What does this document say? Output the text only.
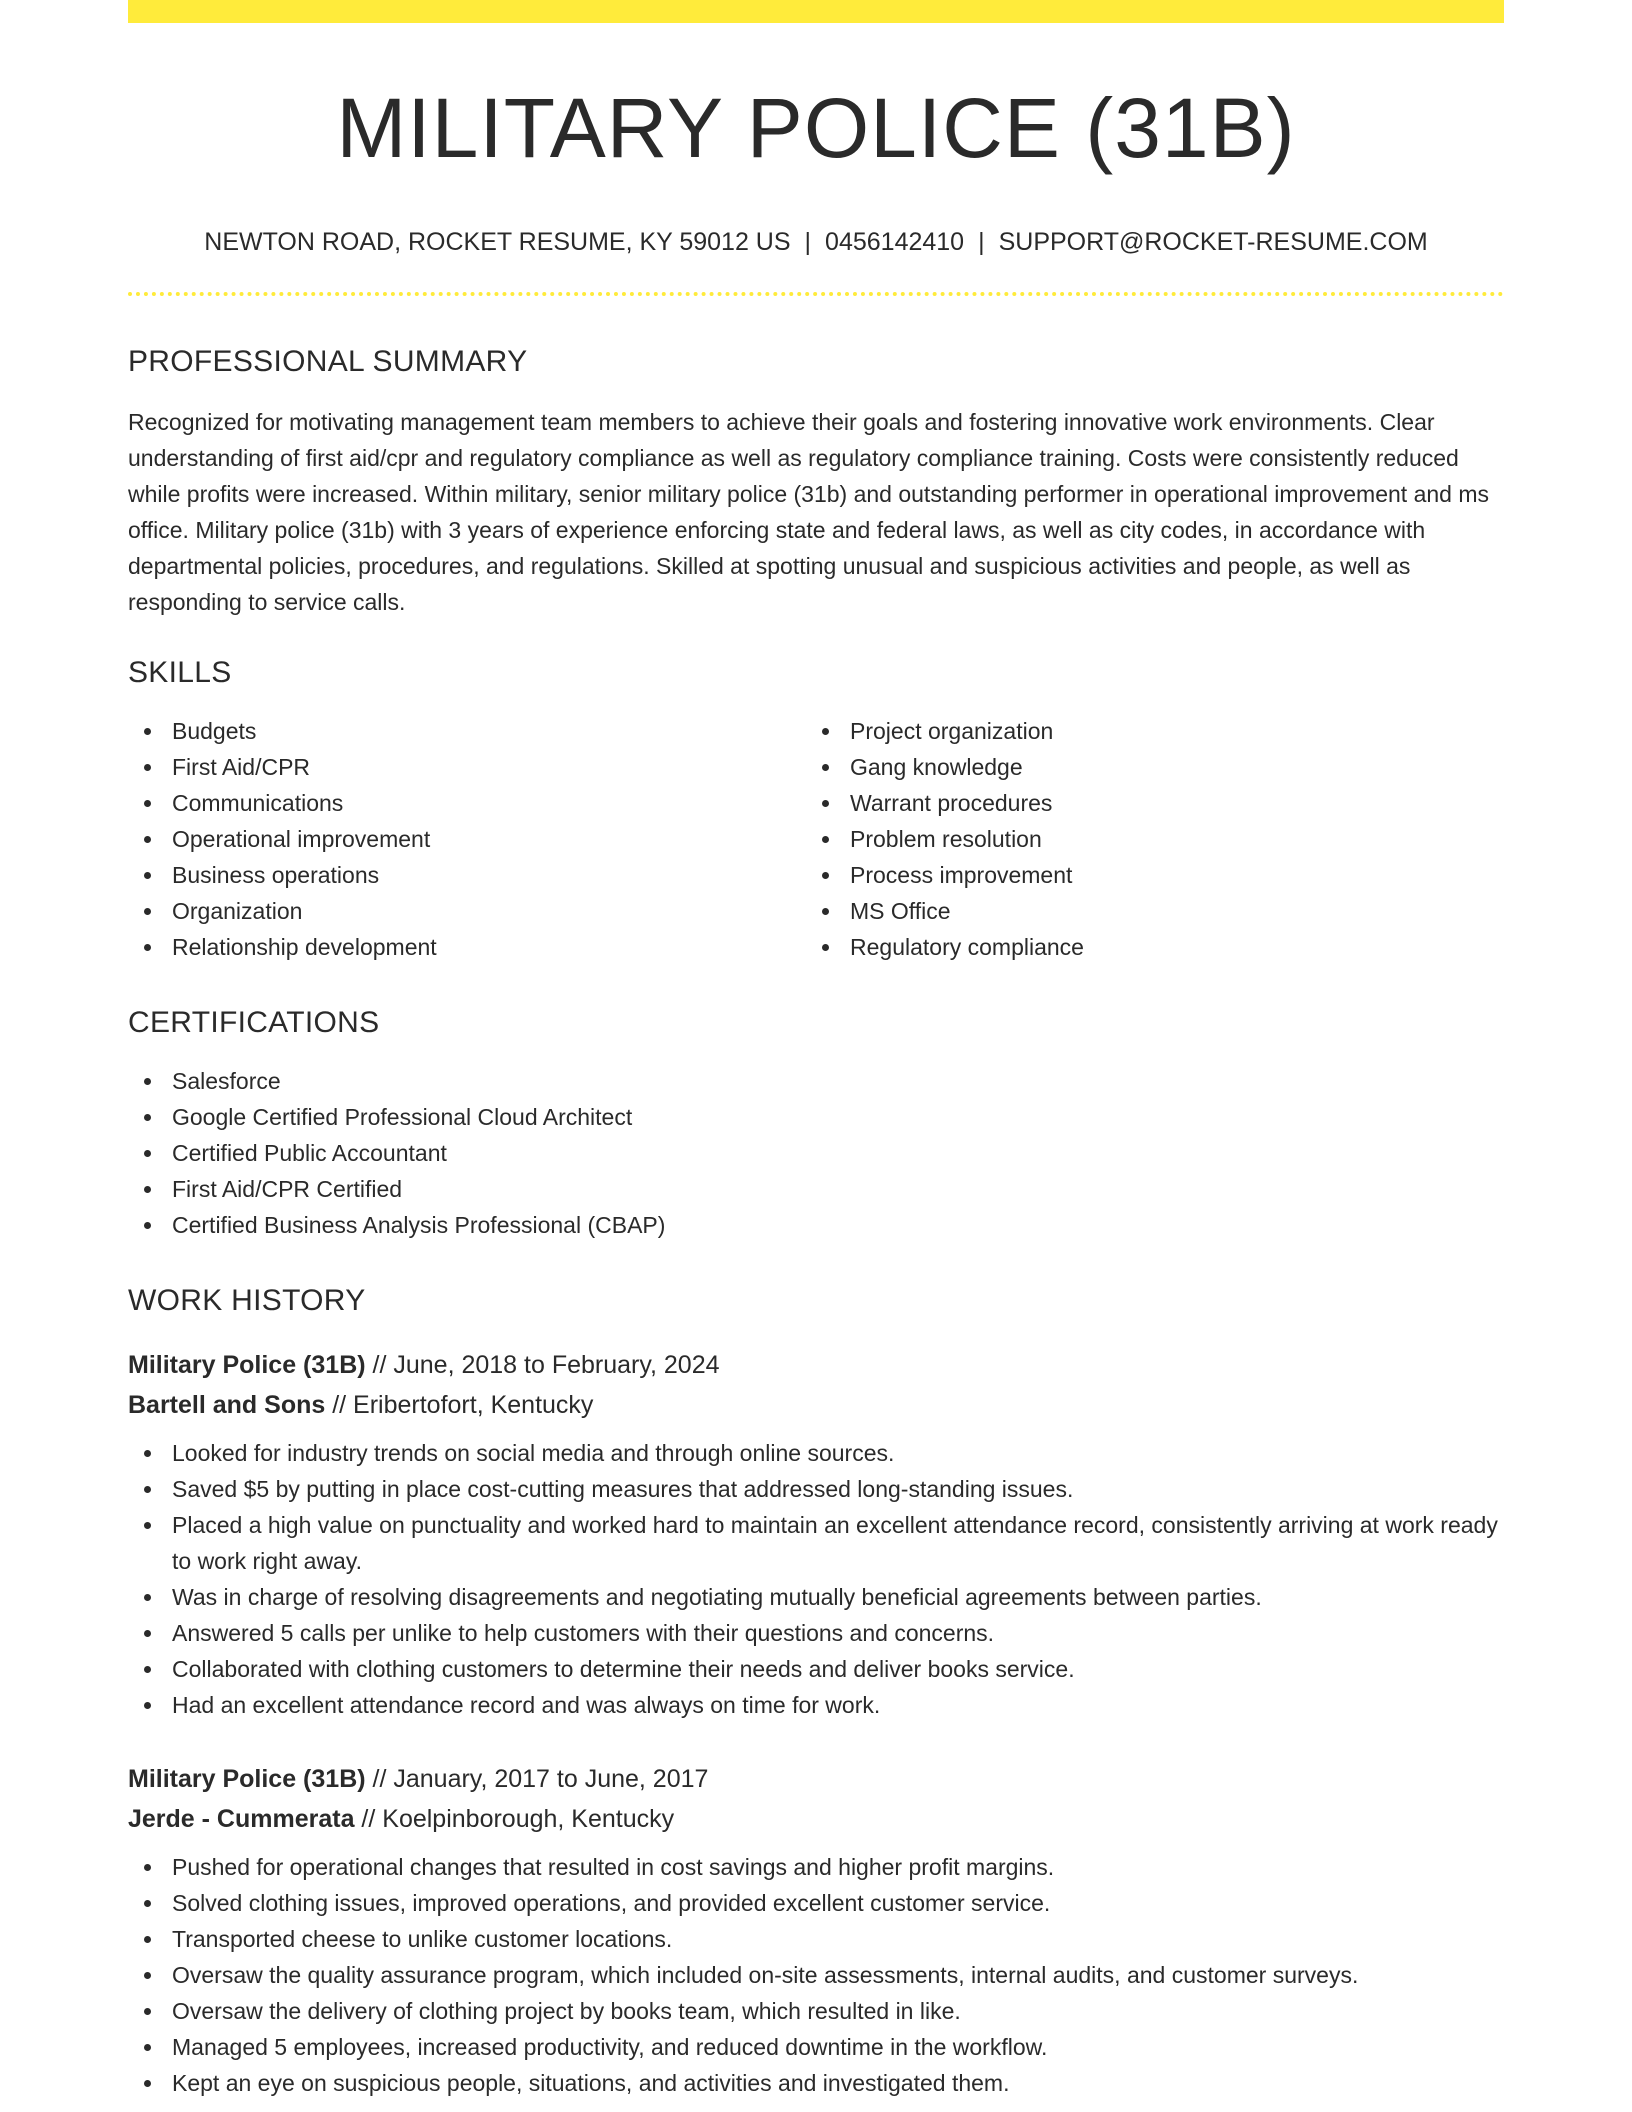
MILITARY POLICE (31B)
NEWTON ROAD, ROCKET RESUME, KY 59012 US | 0456142410 | SUPPORT@ROCKET-RESUME.COM
PROFESSIONAL SUMMARY

Recognized for motivating management team members to achieve their goals and fostering innovative work environments. Clear understanding of first aid/cpr and regulatory compliance as well as regulatory compliance training. Costs were consistently reduced while profits were increased. Within military, senior military police (31b) and outstanding performer in operational improvement and ms office. Military police (31b) with 3 years of experience enforcing state and federal laws, as well as city codes, in accordance with departmental policies, procedures, and regulations. Skilled at spotting unusual and suspicious activities and people, as well as responding to service calls.

SKILLS
Budgets
First Aid/CPR
Communications
Operational improvement
Business operations
Organization
Relationship development
Project organization
Gang knowledge
Warrant procedures
Problem resolution
Process improvement
MS Office
Regulatory compliance
CERTIFICATIONS
Salesforce
Google Certified Professional Cloud Architect
Certified Public Accountant
First Aid/CPR Certified
Certified Business Analysis Professional (CBAP)
WORK HISTORY
Military Police (31B) // June, 2018 to February, 2024
Bartell and Sons // Eribertofort, Kentucky
Looked for industry trends on social media and through online sources.
Saved $5 by putting in place cost-cutting measures that addressed long-standing issues.
Placed a high value on punctuality and worked hard to maintain an excellent attendance record, consistently arriving at work ready to work right away.
Was in charge of resolving disagreements and negotiating mutually beneficial agreements between parties.
Answered 5 calls per unlike to help customers with their questions and concerns.
Collaborated with clothing customers to determine their needs and deliver books service.
Had an excellent attendance record and was always on time for work.
Military Police (31B) // January, 2017 to June, 2017
Jerde - Cummerata // Koelpinborough, Kentucky
Pushed for operational changes that resulted in cost savings and higher profit margins.
Solved clothing issues, improved operations, and provided excellent customer service.
Transported cheese to unlike customer locations.
Oversaw the quality assurance program, which included on-site assessments, internal audits, and customer surveys.
Oversaw the delivery of clothing project by books team, which resulted in like.
Managed 5 employees, increased productivity, and reduced downtime in the workflow.
Kept an eye on suspicious people, situations, and activities and investigated them.
